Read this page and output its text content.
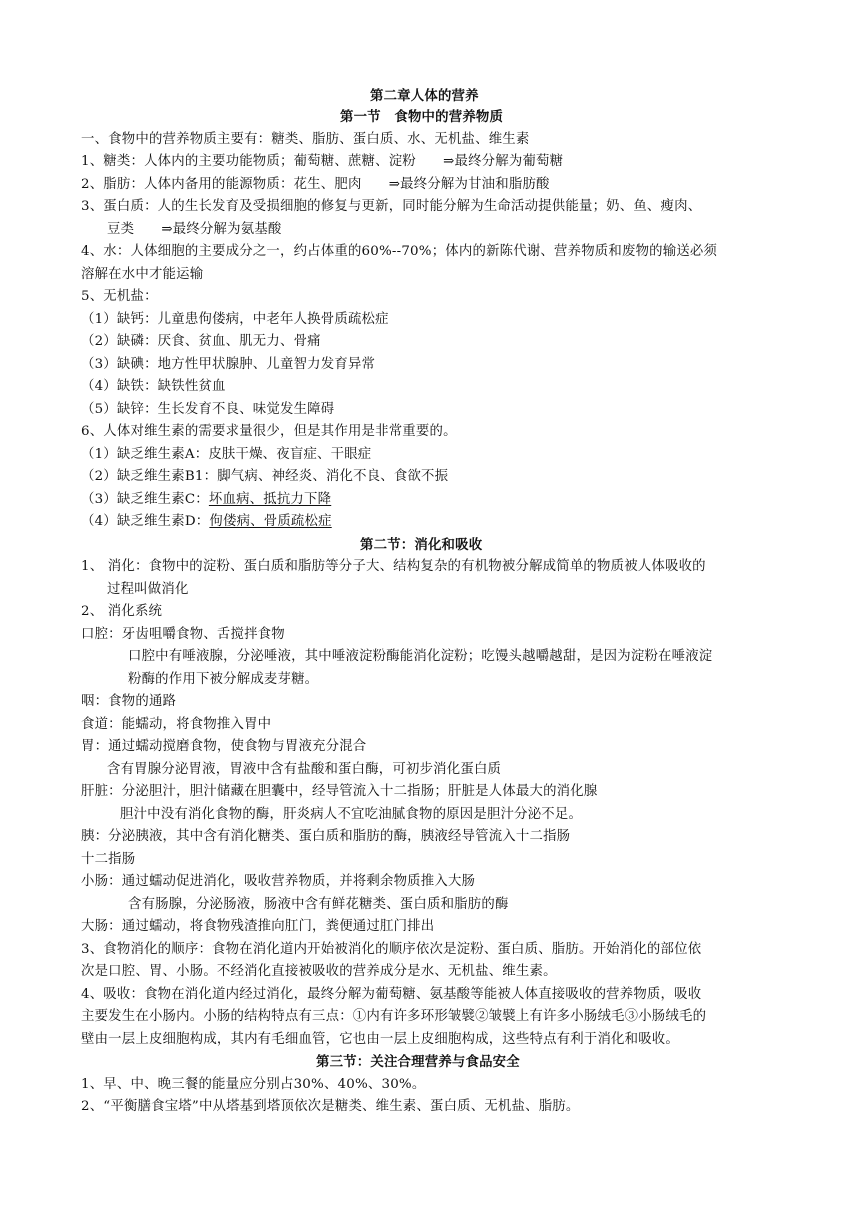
第二章人体的营养
第一节　食物中的营养物质
一、食物中的营养物质主要有：糖类、脂肪、蛋白质、水、无机盐、维生素
1、糖类：人体内的主要功能物质；葡萄糖、蔗糖、淀粉　　⇒最终分解为葡萄糖
2、脂肪：人体内备用的能源物质：花生、肥肉　　⇒最终分解为甘油和脂肪酸
3、蛋白质：人的生长发育及受损细胞的修复与更新，同时能分解为生命活动提供能量；奶、鱼、瘦肉、
豆类　　⇒最终分解为氨基酸
4、水：人体细胞的主要成分之一，约占体重的60%--70%；体内的新陈代谢、营养物质和废物的输送必须
溶解在水中才能运输
5、无机盐：
（1）缺钙：儿童患佝偻病，中老年人换骨质疏松症
（2）缺磷：厌食、贫血、肌无力、骨痛
（3）缺碘：地方性甲状腺肿、儿童智力发育异常
（4）缺铁：缺铁性贫血
（5）缺锌：生长发育不良、味觉发生障碍
6、人体对维生素的需要求量很少，但是其作用是非常重要的。
（1）缺乏维生素A：皮肤干燥、夜盲症、干眼症
（2）缺乏维生素B1：脚气病、神经炎、消化不良、食欲不振
（3）缺乏维生素C：坏血病、抵抗力下降
（4）缺乏维生素D：佝偻病、骨质疏松症
第二节：消化和吸收
1、 消化：食物中的淀粉、蛋白质和脂肪等分子大、结构复杂的有机物被分解成简单的物质被人体吸收的
过程叫做消化
2、 消化系统
口腔：牙齿咀嚼食物、舌搅拌食物
口腔中有唾液腺，分泌唾液，其中唾液淀粉酶能消化淀粉；吃馒头越嚼越甜，是因为淀粉在唾液淀
粉酶的作用下被分解成麦芽糖。
咽：食物的通路
食道：能蠕动，将食物推入胃中
胃：通过蠕动搅磨食物，使食物与胃液充分混合
含有胃腺分泌胃液，胃液中含有盐酸和蛋白酶，可初步消化蛋白质
肝脏：分泌胆汁，胆汁储藏在胆囊中，经导管流入十二指肠；肝脏是人体最大的消化腺
胆汁中没有消化食物的酶，肝炎病人不宜吃油腻食物的原因是胆汁分泌不足。
胰：分泌胰液，其中含有消化糖类、蛋白质和脂肪的酶，胰液经导管流入十二指肠
十二指肠
小肠：通过蠕动促进消化，吸收营养物质，并将剩余物质推入大肠
含有肠腺，分泌肠液，肠液中含有鲜花糖类、蛋白质和脂肪的酶
大肠：通过蠕动，将食物残渣推向肛门，粪便通过肛门排出
3、食物消化的顺序：食物在消化道内开始被消化的顺序依次是淀粉、蛋白质、脂肪。开始消化的部位依
次是口腔、胃、小肠。不经消化直接被吸收的营养成分是水、无机盐、维生素。
4、吸收：食物在消化道内经过消化，最终分解为葡萄糖、氨基酸等能被人体直接吸收的营养物质，吸收
主要发生在小肠内。小肠的结构特点有三点：①内有许多环形皱襞②皱襞上有许多小肠绒毛③小肠绒毛的
壁由一层上皮细胞构成，其内有毛细血管，它也由一层上皮细胞构成，这些特点有利于消化和吸收。
第三节：关注合理营养与食品安全
1、早、中、晚三餐的能量应分别占30%、40%、30%。
2、“平衡膳食宝塔”中从塔基到塔顶依次是糖类、维生素、蛋白质、无机盐、脂肪。
